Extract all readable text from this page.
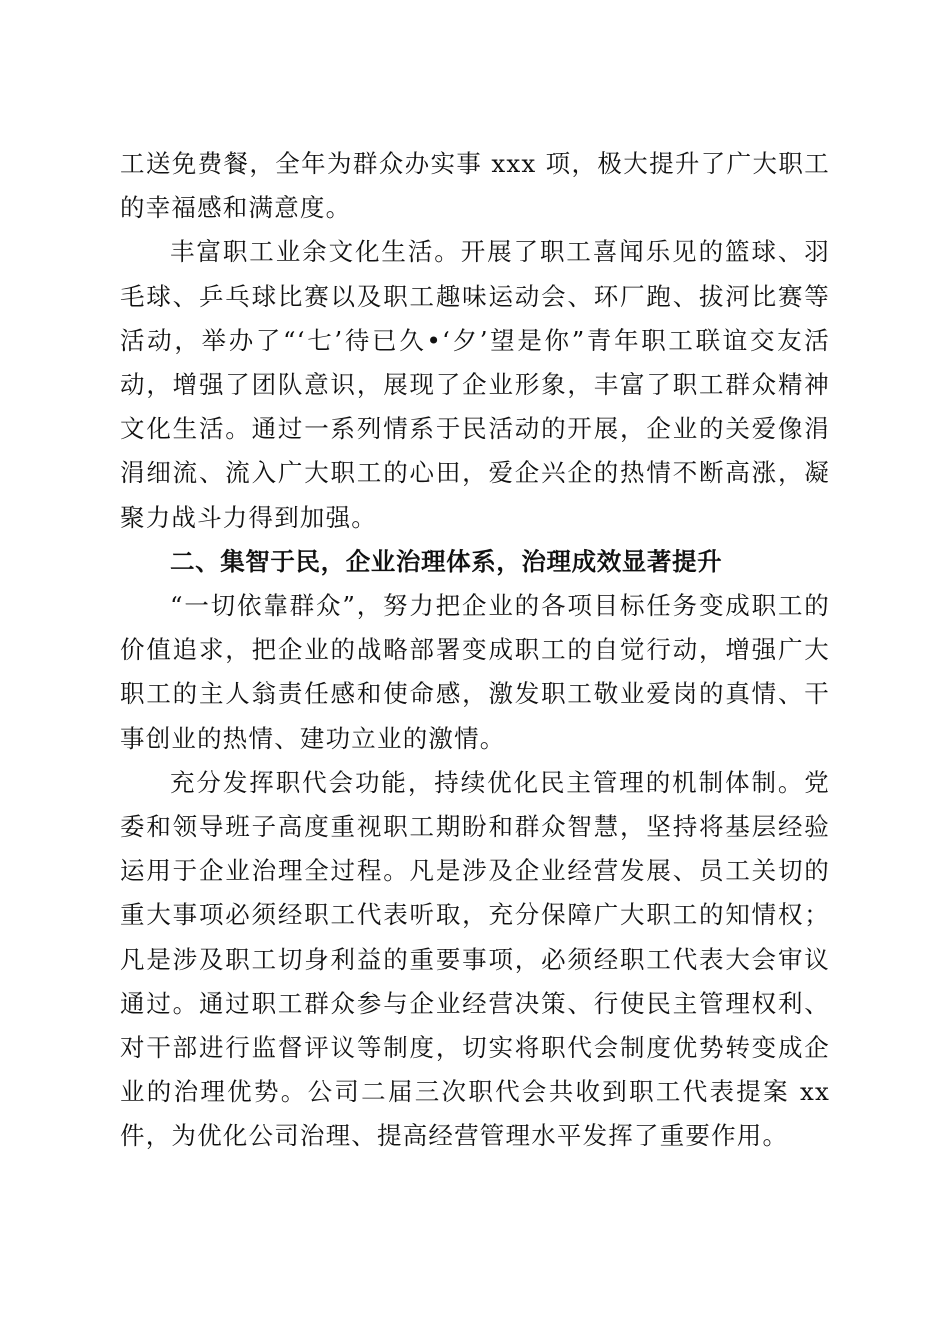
工送免费餐，全年为群众办实事 xxx 项，极大提升了广大职工的幸福感和满意度。

丰富职工业余文化生活。开展了职工喜闻乐见的篮球、羽毛球、乒乓球比赛以及职工趣味运动会、环厂跑、拔河比赛等活动，举办了“‘七’待已久•‘夕’望是你”青年职工联谊交友活动，增强了团队意识，展现了企业形象，丰富了职工群众精神文化生活。通过一系列情系于民活动的开展，企业的关爱像涓涓细流、流入广大职工的心田，爱企兴企的热情不断高涨，凝聚力战斗力得到加强。

二、集智于民，企业治理体系，治理成效显著提升

“一切依靠群众”，努力把企业的各项目标任务变成职工的价值追求，把企业的战略部署变成职工的自觉行动，增强广大职工的主人翁责任感和使命感，激发职工敬业爱岗的真情、干事创业的热情、建功立业的激情。

充分发挥职代会功能，持续优化民主管理的机制体制。党委和领导班子高度重视职工期盼和群众智慧，坚持将基层经验运用于企业治理全过程。凡是涉及企业经营发展、员工关切的重大事项必须经职工代表听取，充分保障广大职工的知情权；凡是涉及职工切身利益的重要事项，必须经职工代表大会审议通过。通过职工群众参与企业经营决策、行使民主管理权利、对干部进行监督评议等制度，切实将职代会制度优势转变成企业的治理优势。公司二届三次职代会共收到职工代表提案 xx 件，为优化公司治理、提高经营管理水平发挥了重要作用。
